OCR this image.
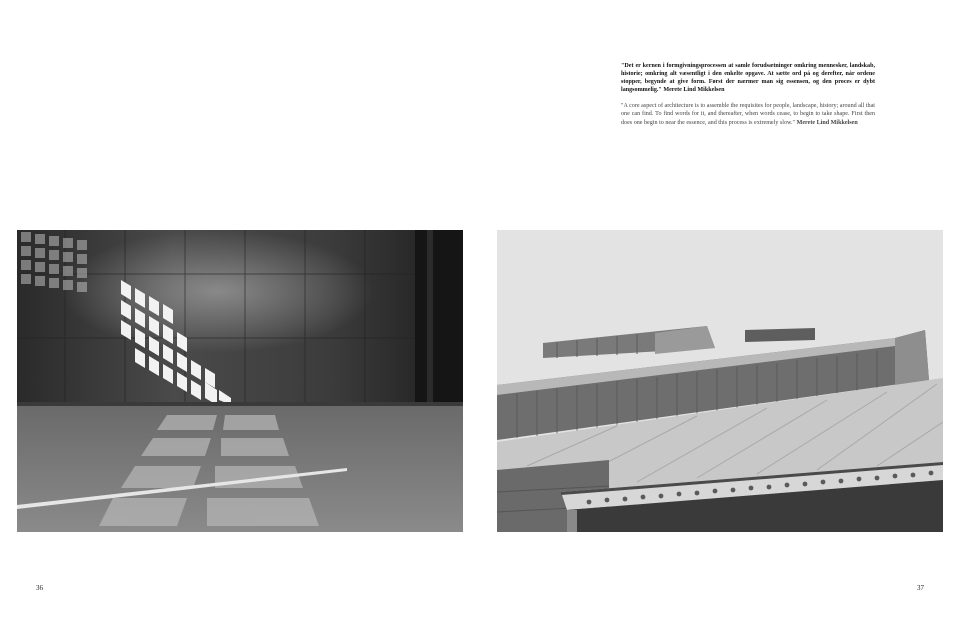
"Det er kernen i formgivningsprocessen at samle forudsætninger omkring mennesker, landskab, historie; omkring alt væsentligt i den enkelte opgave. At sætte ord på og derefter, når ordene stopper, begynde at give form. Først der nærmer man sig essensen, og den proces er dybt langsommelig." Merete Lind Mikkelsen

"A core aspect of architecture is to assemble the requisites for people, landscape, history; around all that one can find. To find words for it, and thereafter, when words cease, to begin to take shape. First then does one begin to near the essence, and this process is extremely slow." Merete Lind Mikkelsen

36	37
